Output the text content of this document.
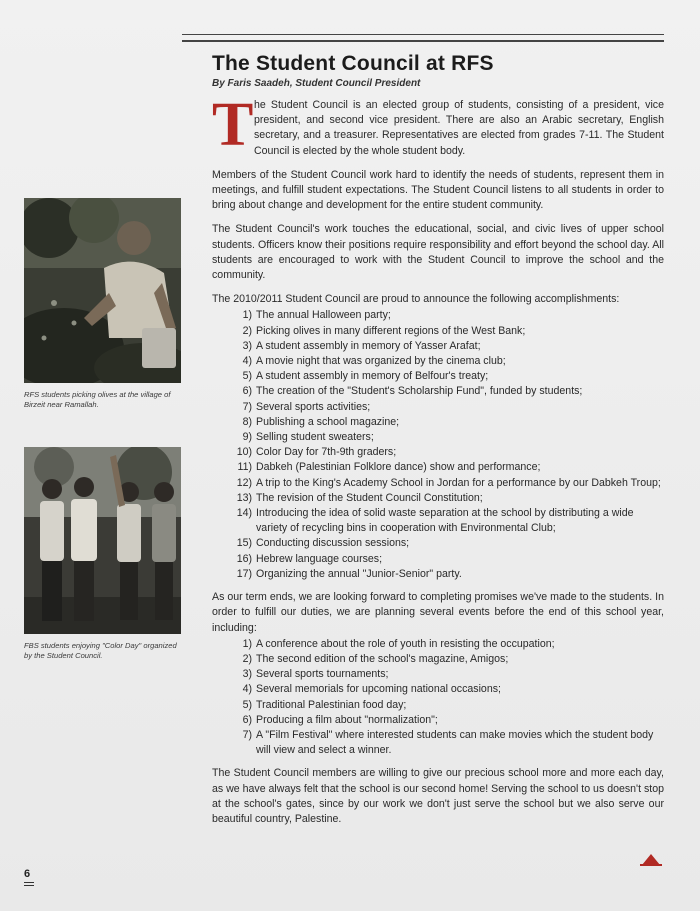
The Student Council at RFS
By Faris Saadeh, Student Council President
RFS students picking olives at the village of Birzeit near Ramallah.
FBS students enjoying "Color Day" organized by the Student Council.

T he Student Council is an elected group of students, consisting of a president, vice president, and second vice president. There are also an Arabic secretary, English secretary, and a treasurer. Representatives are elected from grades 7-11. The Student Council is elected by the whole student body.

Members of the Student Council work hard to identify the needs of students, represent them in meetings, and fulfill student expectations. The Student Council listens to all students in order to bring about change and development for the entire student community.

The Student Council's work touches the educational, social, and civic lives of upper school students. Officers know their positions require responsibility and effort beyond the school day. All students are encouraged to work with the Student Council to improve the school and the community.

The 2010/2011 Student Council are proud to announce the following accomplishments:

1) The annual Halloween party;
2) Picking olives in many different regions of the West Bank;
3) A student assembly in memory of Yasser Arafat;
4) A movie night that was organized by the cinema club;
5) A student assembly in memory of Belfour's treaty;
6) The creation of the "Student's Scholarship Fund", funded by students;
7) Several sports activities;
8) Publishing a school magazine;
9) Selling student sweaters;
10) Color Day for 7th-9th graders;
11) Dabkeh (Palestinian Folklore dance) show and performance;
12) A trip to the King's Academy School in Jordan for a performance by our Dabkeh Troup;
13) The revision of the Student Council Constitution;
14) Introducing the idea of solid waste separation at the school by distributing a wide variety of recycling bins in cooperation with Environmental Club;
15) Conducting discussion sessions;
16) Hebrew language courses;
17) Organizing the annual "Junior-Senior" party.

As our term ends, we are looking forward to completing promises we've made to the students. In order to fulfill our duties, we are planning several events before the end of this school year, including:

1) A conference about the role of youth in resisting the occupation;
2) The second edition of the school's magazine, Amigos;
3) Several sports tournaments;
4) Several memorials for upcoming national occasions;
5) Traditional Palestinian food day;
6) Producing a film about "normalization";
7) A "Film Festival" where interested students can make movies which the student body will view and select a winner.

The Student Council members are willing to give our precious school more and more each day, as we have always felt that the school is our second home! Serving the school to us doesn't stop at the school's gates, since by our work we don't just serve the school but we also serve our beautiful country, Palestine.

6
